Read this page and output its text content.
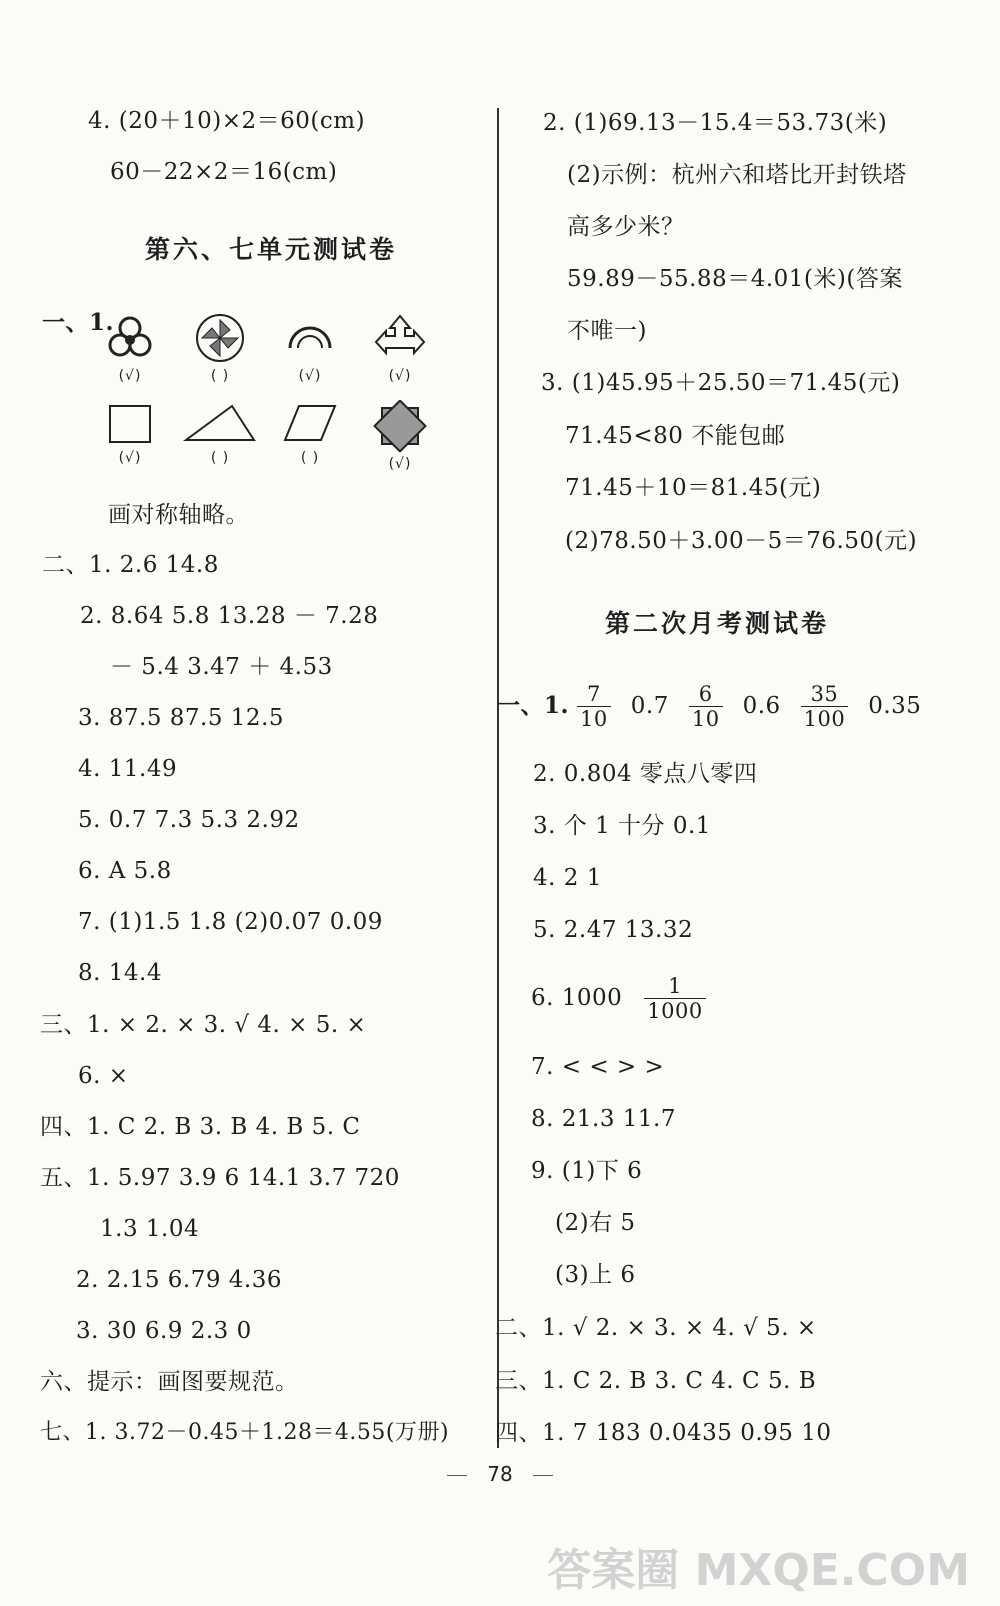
4. (20＋10)×2＝60(cm)
60－22×2＝16(cm)
第六、七单元测试卷
一、1.
(√)	( )	(√)	(√)
(√)	( )	( )	(√)
画对称轴略。
二、1. 2.6 14.8
2. 8.64 5.8 13.28 － 7.28
－ 5.4 3.47 ＋ 4.53
3. 87.5 87.5 12.5
4. 11.49
5. 0.7 7.3 5.3 2.92
6. A 5.8
7. (1)1.5 1.8 (2)0.07 0.09
8. 14.4
三、1. × 2. × 3. √ 4. × 5. ×
6. ×
四、1. C 2. B 3. B 4. B 5. C
五、1. 5.97 3.9 6 14.1 3.7 720
1.3 1.04
2. 2.15 6.79 4.36
3. 30 6.9 2.3 0
六、提示：画图要规范。
七、1. 3.72－0.45＋1.28＝4.55(万册)
2. (1)69.13－15.4＝53.73(米)
(2)示例：杭州六和塔比开封铁塔
高多少米？
59.89－55.88＝4.01(米)(答案
不唯一)
3. (1)45.95＋25.50＝71.45(元)
71.45<80 不能包邮
71.45＋10＝81.45(元)
(2)78.50＋3.00－5＝76.50(元)
第二次月考测试卷
一、1. $\frac{7}{10} 0.7 \frac{6}{10} 0.6 \frac{35}{100} 0.35$
2. 0.804 零点八零四
3. 个 1 十分 0.1
4. 2 1
5. 2.47 13.32
6. $1000 \frac{1}{1000}$
7. < < > >
8. 21.3 11.7
9. (1)下 6
(2)右 5
(3)上 6
二、1. √ 2. × 3. × 4. √ 5. ×
三、1. C 2. B 3. C 4. C 5. B
四、1. 7 183 0.0435 0.95 10
78
答案圈 MXQE.COM
